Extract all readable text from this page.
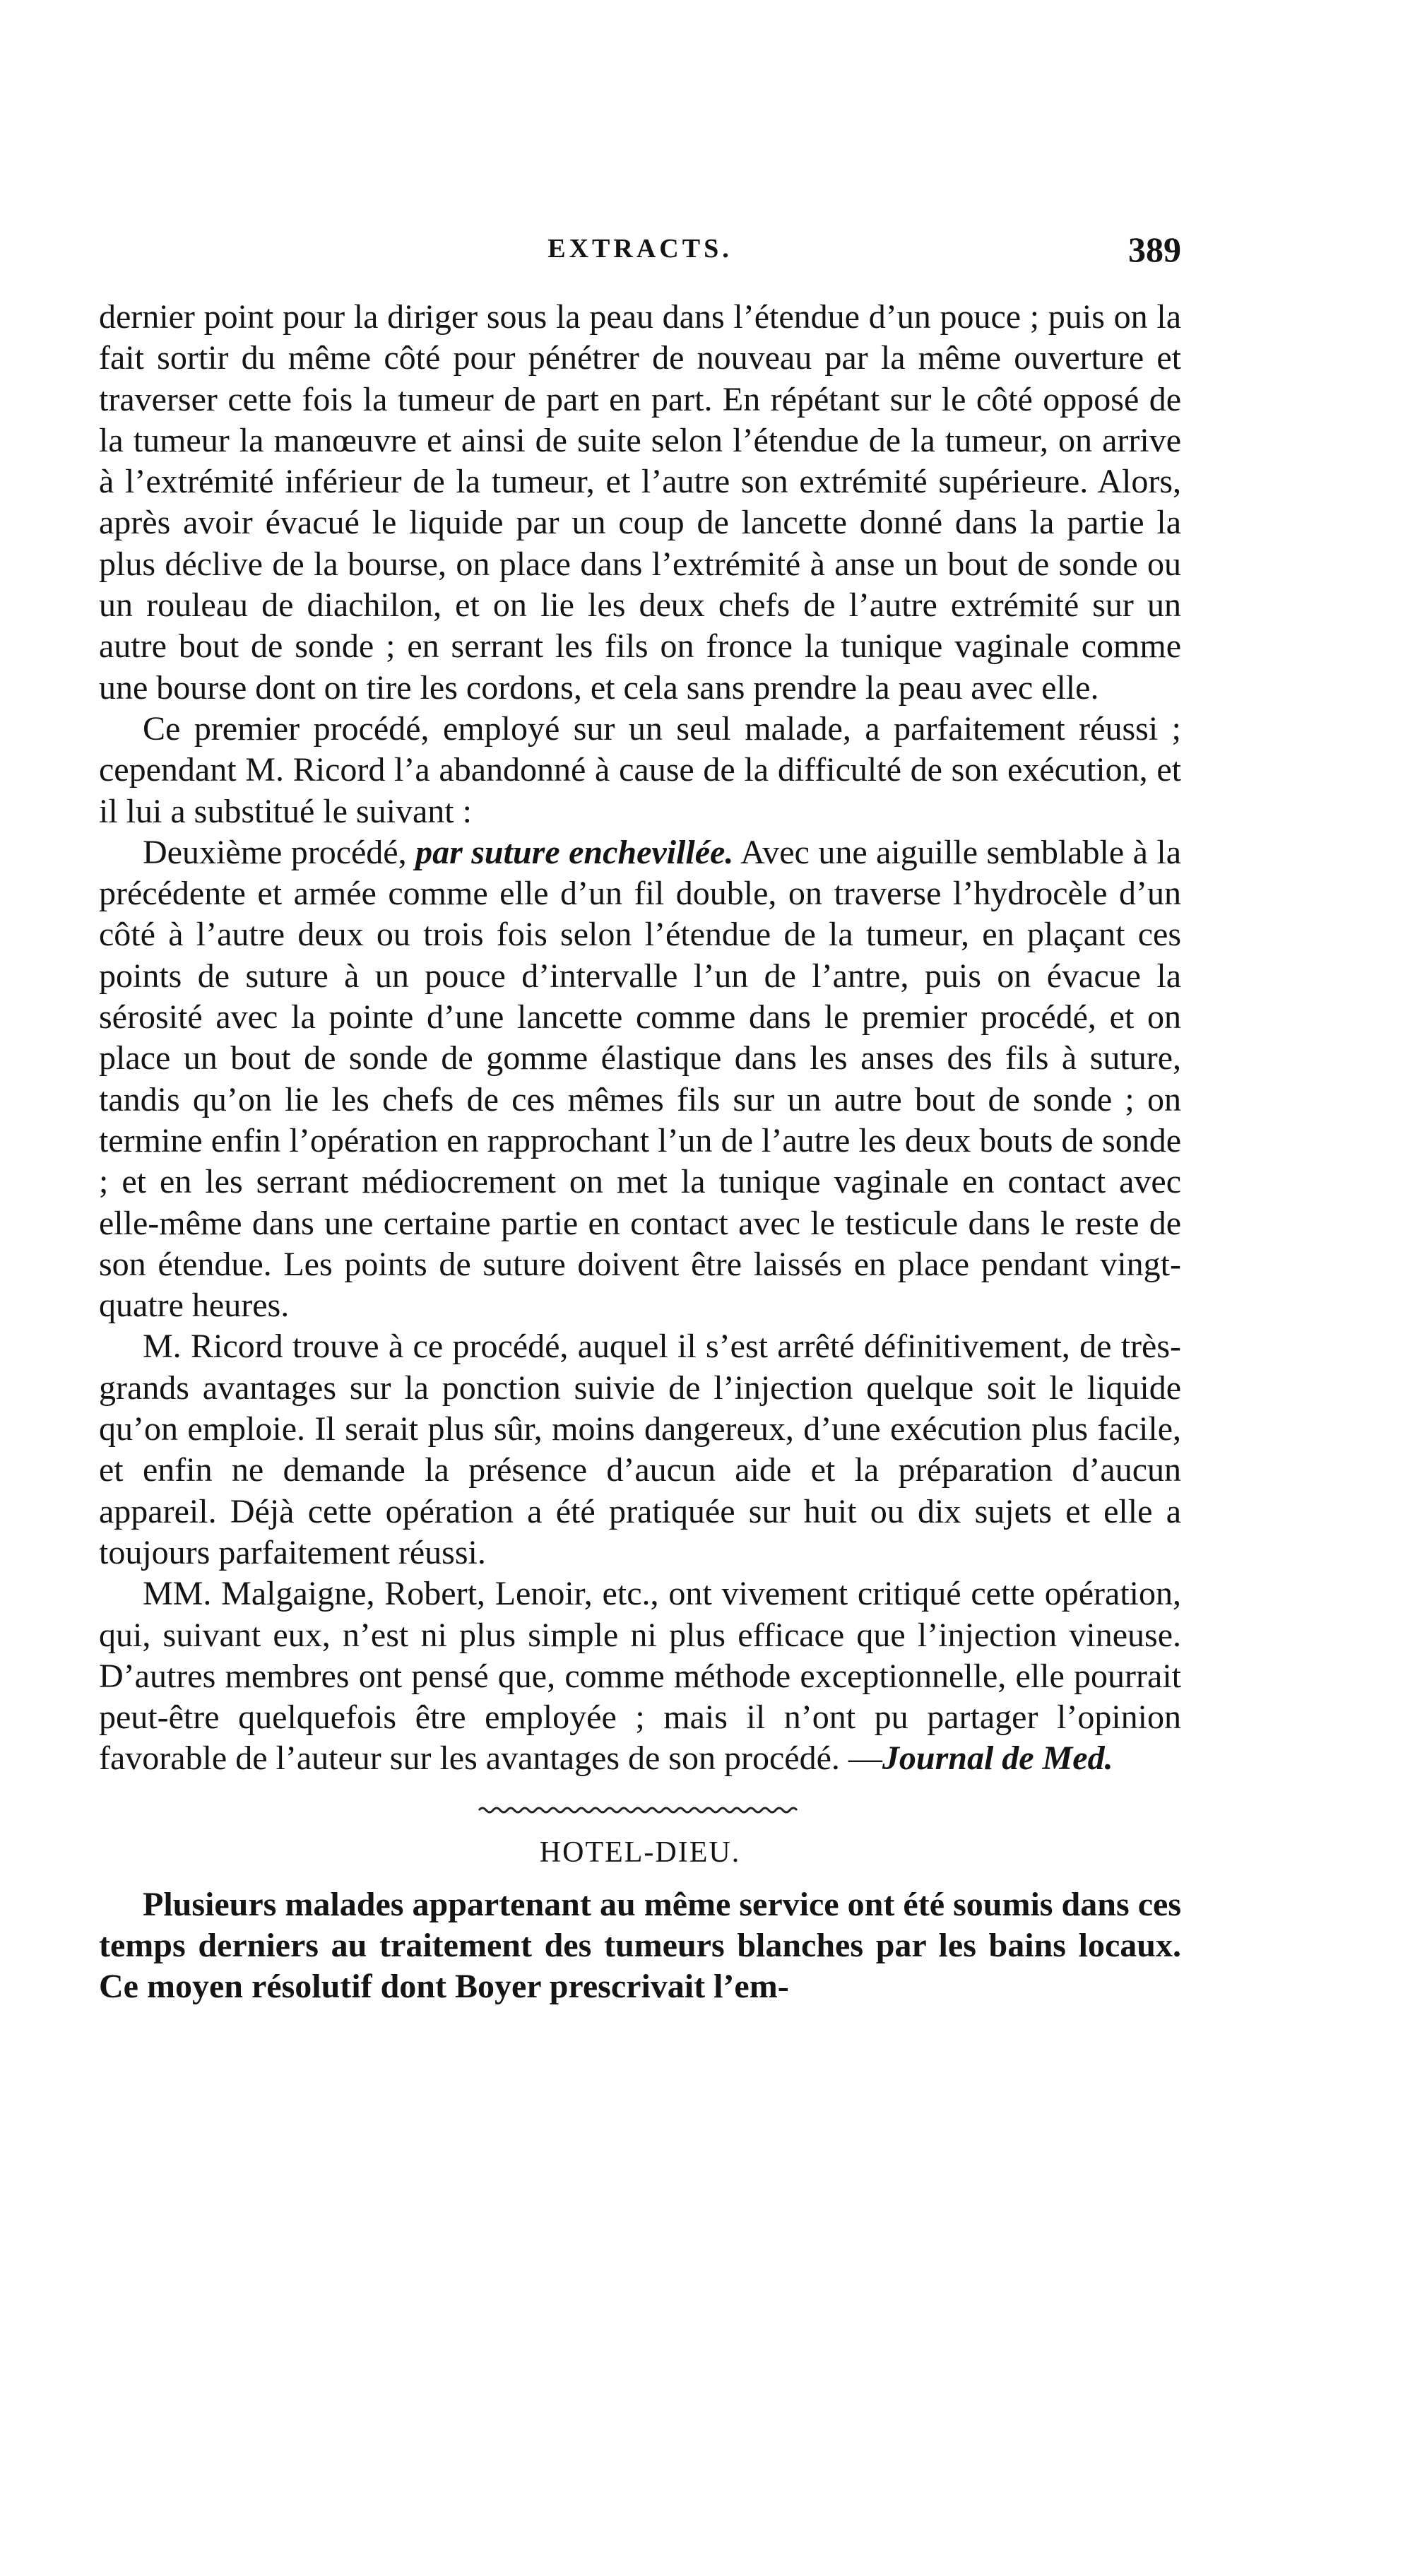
EXTRACTS.	389

dernier point pour la diriger sous la peau dans l’étendue d’un pouce ; puis on la fait sortir du même côté pour pénétrer de nouveau par la même ouverture et traverser cette fois la tumeur de part en part. En répétant sur le côté opposé de la tumeur la manœuvre et ainsi de suite selon l’étendue de la tumeur, on arrive à l’extrémité inférieur de la tumeur, et l’autre son extrémité supérieure. Alors, après avoir évacué le liquide par un coup de lancette donné dans la partie la plus déclive de la bourse, on place dans l’extrémité à anse un bout de sonde ou un rouleau de diachilon, et on lie les deux chefs de l’autre extrémité sur un autre bout de sonde ; en serrant les fils on fronce la tunique vaginale comme une bourse dont on tire les cordons, et cela sans prendre la peau avec elle.

Ce premier procédé, employé sur un seul malade, a parfaitement réussi ; cependant M. Ricord l’a abandonné à cause de la difficulté de son exécution, et il lui a substitué le suivant :

Deuxième procédé, par suture enchevillée. Avec une aiguille semblable à la précédente et armée comme elle d’un fil double, on traverse l’hydrocèle d’un côté à l’autre deux ou trois fois selon l’étendue de la tumeur, en plaçant ces points de suture à un pouce d’intervalle l’un de l’antre, puis on évacue la sérosité avec la pointe d’une lancette comme dans le premier procédé, et on place un bout de sonde de gomme élastique dans les anses des fils à suture, tandis qu’on lie les chefs de ces mêmes fils sur un autre bout de sonde ; on termine enfin l’opération en rapprochant l’un de l’autre les deux bouts de sonde ; et en les serrant médiocrement on met la tunique vaginale en contact avec elle-même dans une certaine partie en contact avec le testicule dans le reste de son étendue. Les points de suture doivent être laissés en place pendant vingt-quatre heures.

M. Ricord trouve à ce procédé, auquel il s’est arrêté définitivement, de très-grands avantages sur la ponction suivie de l’injection quelque soit le liquide qu’on emploie. Il serait plus sûr, moins dangereux, d’une exécution plus facile, et enfin ne demande la présence d’aucun aide et la préparation d’aucun appareil. Déjà cette opération a été pratiquée sur huit ou dix sujets et elle a toujours parfaitement réussi.

MM. Malgaigne, Robert, Lenoir, etc., ont vivement critiqué cette opération, qui, suivant eux, n’est ni plus simple ni plus efficace que l’injection vineuse. D’autres membres ont pensé que, comme méthode exceptionnelle, elle pourrait peut-être quelquefois être employée ; mais il n’ont pu partager l’opinion favorable de l’auteur sur les avantages de son procédé. —Journal de Med.

HOTEL-DIEU.

Plusieurs malades appartenant au même service ont été soumis dans ces temps derniers au traitement des tumeurs blanches par les bains locaux. Ce moyen résolutif dont Boyer prescrivait l’em-
